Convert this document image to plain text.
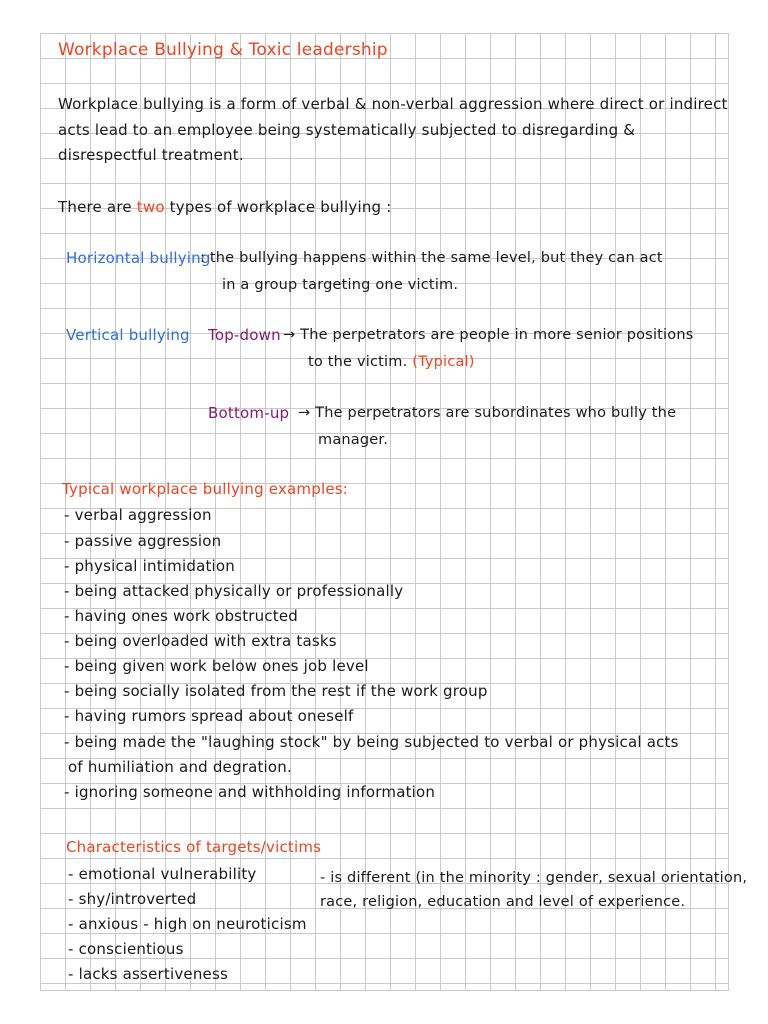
Workplace Bullying & Toxic leadership
Workplace bullying is a form of verbal & non-verbal aggression where direct or indirect
acts lead to an employee being systematically subjected to disregarding &
disrespectful treatment.
There are two types of workplace bullying :
Horizontal bullying
: the bullying happens within the same level, but they can act
in a group targeting one victim.
Vertical bullying Top-down → The perpetrators are people in more senior positions
to the victim. (Typical)
Bottom-up → The perpetrators are subordinates who bully the
manager.
Typical workplace bullying examples:
- verbal aggression
- passive aggression
- physical intimidation
- being attacked physically or professionally
- having ones work obstructed
- being overloaded with extra tasks
- being given work below ones job level
- being socially isolated from the rest if the work group
- having rumors spread about oneself
- being made the "laughing stock" by being subjected to verbal or physical acts
of humiliation and degration.
- ignoring someone and withholding information
Characteristics of targets/victims
- emotional vulnerability
- shy/introverted
- anxious - high on neuroticism
- conscientious
- lacks assertiveness
- is different (in the minority : gender, sexual orientation,
race, religion, education and level of experience.
